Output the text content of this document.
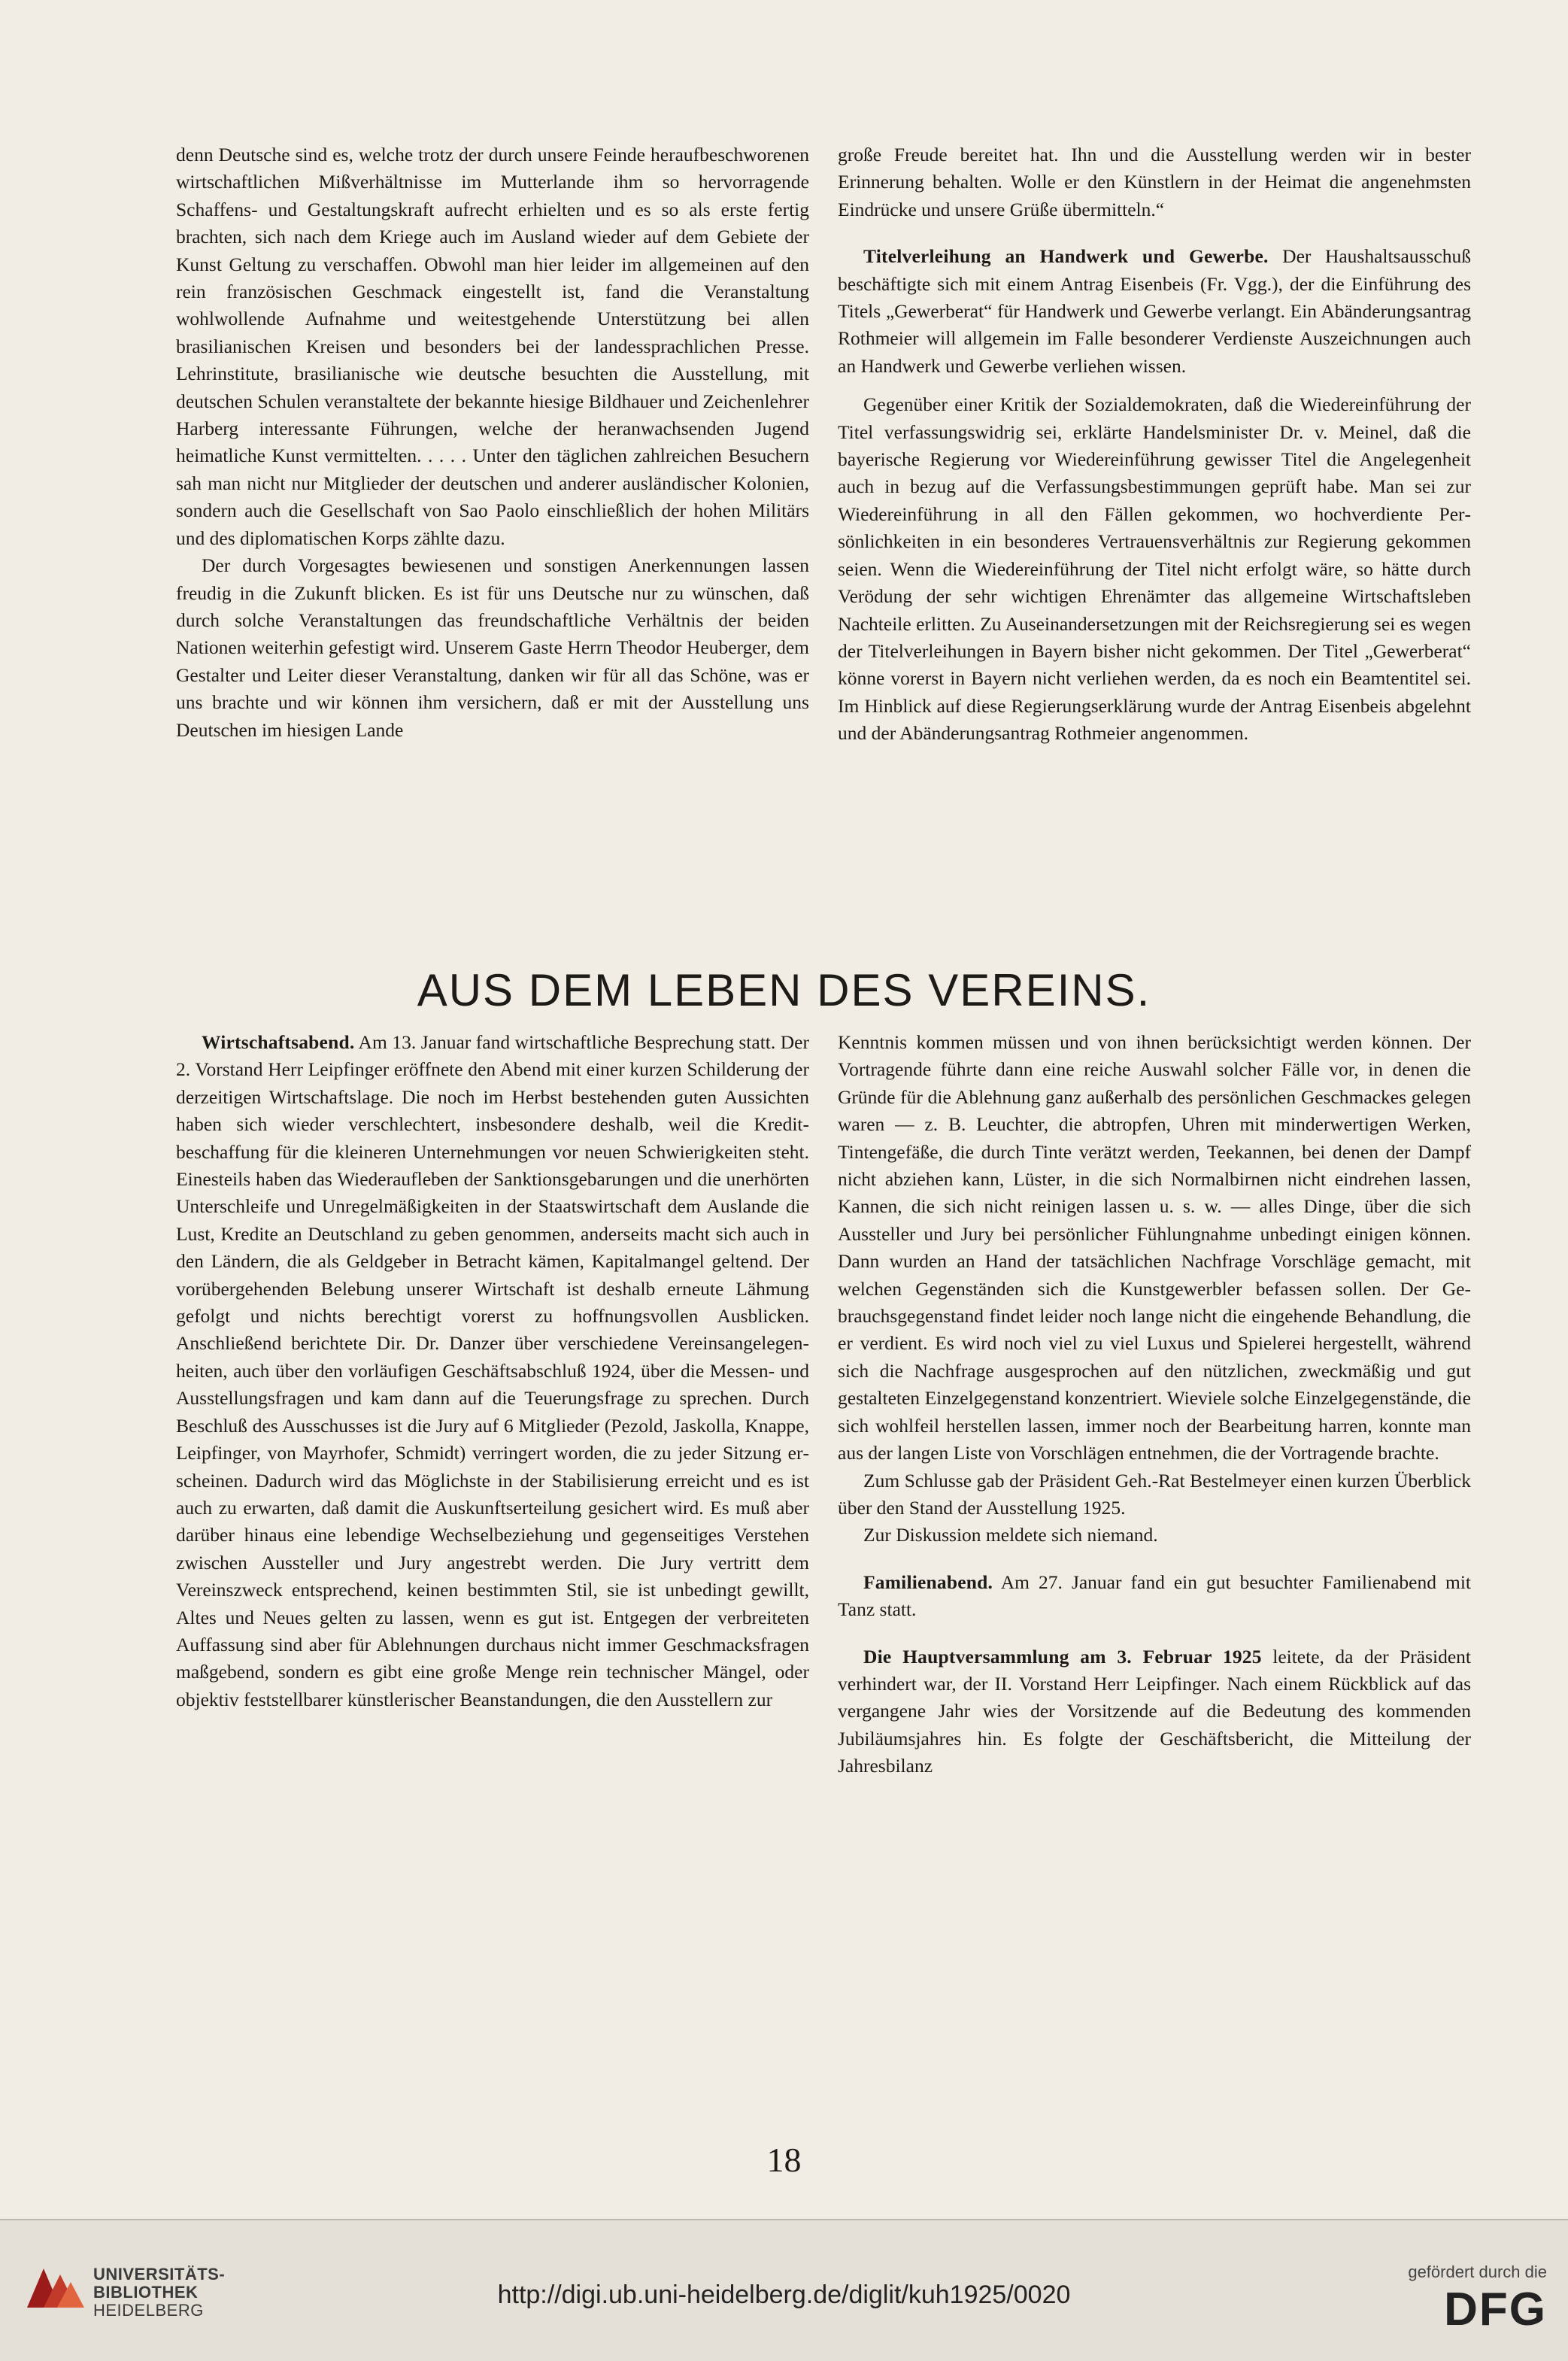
denn Deutsche sind es, welche trotz der durch unsere Feinde heraufbeschworenen wirtschaftlichen Mißverhältnisse im Mutterlande ihm so hervorragende Schaffens- und Gestaltungskraft aufrecht erhielten und es so als erste fertig brachten, sich nach dem Kriege auch im Ausland wieder auf dem Gebiete der Kunst Geltung zu verschaffen. Obwohl man hier leider im allgemeinen auf den rein französischen Geschmack eingestellt ist, fand die Veranstaltung wohlwollende Aufnahme und weitestgehende Unterstützung bei allen brasilianischen Kreisen und besonders bei der landessprachlichen Presse. Lehrinstitute, brasilianische wie deutsche besuchten die Ausstellung, mit deutschen Schulen veranstaltete der bekannte hiesige Bildhauer und Zeichenlehrer Harberg interessante Führungen, welche der heranwachsenden Jugend heimatliche Kunst vermittelten. . . . . Unter den täglichen zahlreichen Besuchern sah man nicht nur Mitglieder der deutschen und anderer ausländischer Kolonien, sondern auch die Gesellschaft von Sao Paolo einschließlich der hohen Militärs und des diplomatischen Korps zählte dazu.

Der durch Vorgesagtes bewiesenen und sonstigen Anerkennungen lassen freudig in die Zukunft blicken. Es ist für uns Deutsche nur zu wünschen, daß durch solche Veranstaltungen das freundschaftliche Verhältnis der beiden Nationen weiterhin gefestigt wird. Unserem Gaste Herrn Theodor Heuberger, dem Gestalter und Leiter dieser Veranstaltung, danken wir für all das Schöne, was er uns brachte und wir können ihm versichern, daß er mit der Ausstellung uns Deutschen im hiesigen Lande

große Freude bereitet hat. Ihn und die Ausstellung werden wir in bester Erinnerung behalten. Wolle er den Künstlern in der Heimat die angenehmsten Eindrücke und unsere Grüße übermitteln.“

Titelverleihung an Handwerk und Gewerbe. Der Haushaltsausschuß beschäftigte sich mit einem Antrag Eisenbeis (Fr. Vgg.), der die Einführung des Titels „Gewerberat“ für Handwerk und Gewerbe verlangt. Ein Abänderungsantrag Rothmeier will allgemein im Falle besonderer Verdienste Auszeichnungen auch an Handwerk und Gewerbe verliehen wissen.

Gegenüber einer Kritik der Sozialdemokraten, daß die Wiedereinführung der Titel verfassungswidrig sei, erklärte Handelsminister Dr. v. Meinel, daß die bayerische Regierung vor Wiedereinführung gewisser Titel die Angelegenheit auch in bezug auf die Verfassungsbestimmungen geprüft habe. Man sei zur Wiedereinführung in all den Fällen gekommen, wo hochverdiente Persönlichkeiten in ein besonderes Vertrauensverhältnis zur Regierung gekommen seien. Wenn die Wiedereinführung der Titel nicht erfolgt wäre, so hätte durch Verödung der sehr wichtigen Ehrenämter das allgemeine Wirtschaftsleben Nachteile erlitten. Zu Auseinandersetzungen mit der Reichsregierung sei es wegen der Titelverleihungen in Bayern bisher nicht gekommen. Der Titel „Gewerberat“ könne vorerst in Bayern nicht verliehen werden, da es noch ein Beamtentitel sei. Im Hinblick auf diese Regierungserklärung wurde der Antrag Eisenbeis abgelehnt und der Abänderungsantrag Rothmeier angenommen.

AUS DEM LEBEN DES VEREINS.

Wirtschaftsabend. Am 13. Januar fand wirtschaftliche Besprechung statt. Der 2. Vorstand Herr Leipfinger eröffnete den Abend mit einer kurzen Schilderung der derzeitigen Wirtschaftslage. Die noch im Herbst bestehenden guten Aussichten haben sich wieder verschlechtert, insbesondere deshalb, weil die Kreditbeschaffung für die kleineren Unternehmungen vor neuen Schwierigkeiten steht. Einesteils haben das Wiederaufleben der Sanktionsgebarungen und die unerhörten Unterschleife und Unregelmäßigkeiten in der Staatswirtschaft dem Auslande die Lust, Kredite an Deutschland zu geben genommen, anderseits macht sich auch in den Ländern, die als Geldgeber in Betracht kämen, Kapitalmangel geltend. Der vorübergehenden Belebung unserer Wirtschaft ist deshalb erneute Lähmung gefolgt und nichts berechtigt vorerst zu hoffnungsvollen Ausblicken. Anschließend berichtete Dir. Dr. Danzer über verschiedene Vereinsangelegenheiten, auch über den vorläufigen Geschäftsabschluß 1924, über die Messen- und Ausstellungsfragen und kam dann auf die Teuerungsfrage zu sprechen. Durch Beschluß des Ausschusses ist die Jury auf 6 Mitglieder (Pezold, Jaskolla, Knappe, Leipfinger, von Mayrhofer, Schmidt) verringert worden, die zu jeder Sitzung erscheinen. Dadurch wird das Möglichste in der Stabilisierung erreicht und es ist auch zu erwarten, daß damit die Auskunftserteilung gesichert wird. Es muß aber darüber hinaus eine lebendige Wechselbeziehung und gegenseitiges Verstehen zwischen Aussteller und Jury angestrebt werden. Die Jury vertritt dem Vereinszweck entsprechend, keinen bestimmten Stil, sie ist unbedingt gewillt, Altes und Neues gelten zu lassen, wenn es gut ist. Entgegen der verbreiteten Auffassung sind aber für Ablehnungen durchaus nicht immer Geschmacksfragen maßgebend, sondern es gibt eine große Menge rein technischer Mängel, oder objektiv feststellbarer künstlerischer Beanstandungen, die den Ausstellern zur

Kenntnis kommen müssen und von ihnen berücksichtigt werden können. Der Vortragende führte dann eine reiche Auswahl solcher Fälle vor, in denen die Gründe für die Ablehnung ganz außerhalb des persönlichen Geschmackes gelegen waren — z. B. Leuchter, die abtropfen, Uhren mit minderwertigen Werken, Tintengefäße, die durch Tinte verätzt werden, Teekannen, bei denen der Dampf nicht abziehen kann, Lüster, in die sich Normalbirnen nicht eindrehen lassen, Kannen, die sich nicht reinigen lassen u. s. w. — alles Dinge, über die sich Aussteller und Jury bei persönlicher Fühlungnahme unbedingt einigen können. Dann wurden an Hand der tatsächlichen Nachfrage Vorschläge gemacht, mit welchen Gegenständen sich die Kunstgewerbler befassen sollen. Der Gebrauchsgegenstand findet leider noch lange nicht die eingehende Behandlung, die er verdient. Es wird noch viel zu viel Luxus und Spielerei hergestellt, während sich die Nachfrage ausgesprochen auf den nützlichen, zweckmäßig und gut gestalteten Einzelgegenstand konzentriert. Wieviele solche Einzelgegenstände, die sich wohlfeil herstellen lassen, immer noch der Bearbeitung harren, konnte man aus der langen Liste von Vorschlägen entnehmen, die der Vortragende brachte.

Zum Schlusse gab der Präsident Geh.-Rat Bestelmeyer einen kurzen Überblick über den Stand der Ausstellung 1925.

Zur Diskussion meldete sich niemand.

Familienabend. Am 27. Januar fand ein gut besuchter Familienabend mit Tanz statt.

Die Hauptversammlung am 3. Februar 1925 leitete, da der Präsident verhindert war, der II. Vorstand Herr Leipfinger. Nach einem Rückblick auf das vergangene Jahr wies der Vorsitzende auf die Bedeutung des kommenden Jubiläumsjahres hin. Es folgte der Geschäftsbericht, die Mitteilung der Jahresbilanz

18
UNIVERSITÄTS-
BIBLIOTHEK
HEIDELBERG
http://digi.ub.uni-heidelberg.de/diglit/kuh1925/0020
gefördert durch die
DFG
